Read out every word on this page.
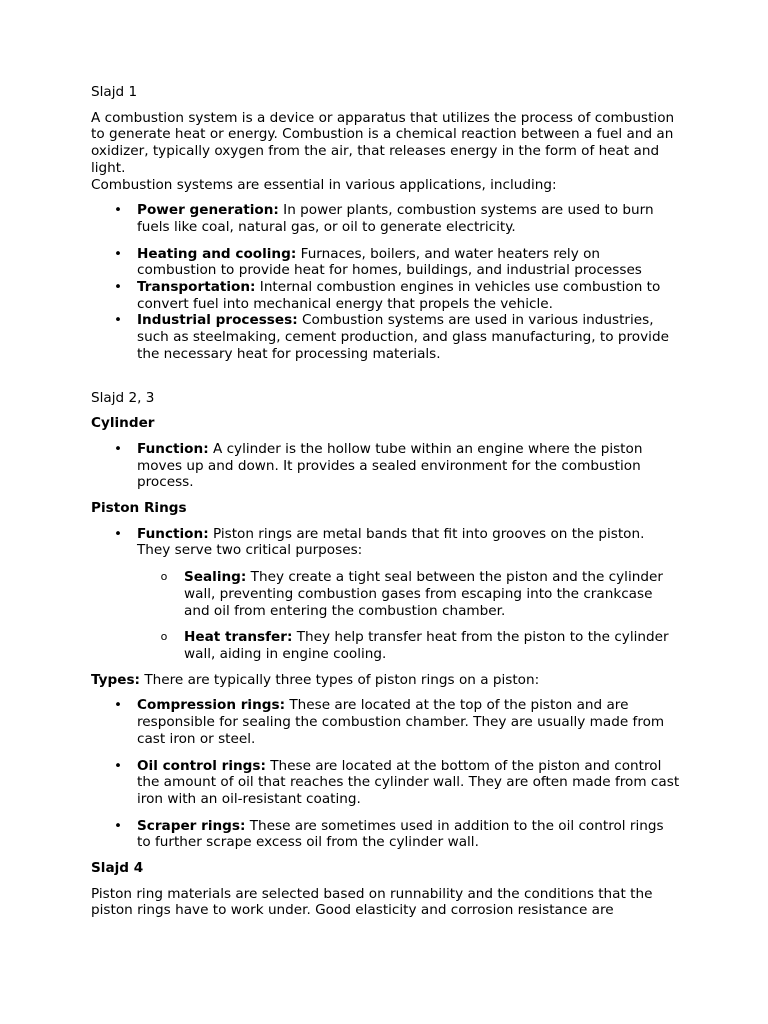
Slajd 1

A combustion system is a device or apparatus that utilizes the process of combustion to generate heat or energy. Combustion is a chemical reaction between a fuel and an oxidizer, typically oxygen from the air, that releases energy in the form of heat and light.

Combustion systems are essential in various applications, including:

• Power generation: In power plants, combustion systems are used to burn fuels like coal, natural gas, or oil to generate electricity.
• Heating and cooling: Furnaces, boilers, and water heaters rely on combustion to provide heat for homes, buildings, and industrial processes
• Transportation: Internal combustion engines in vehicles use combustion to convert fuel into mechanical energy that propels the vehicle.
• Industrial processes: Combustion systems are used in various industries, such as steelmaking, cement production, and glass manufacturing, to provide the necessary heat for processing materials.

Slajd 2, 3

Cylinder

• Function: A cylinder is the hollow tube within an engine where the piston moves up and down. It provides a sealed environment for the combustion process.

Piston Rings

• Function: Piston rings are metal bands that fit into grooves on the piston. They serve two critical purposes:
o Sealing: They create a tight seal between the piston and the cylinder wall, preventing combustion gases from escaping into the crankcase and oil from entering the combustion chamber.
o Heat transfer: They help transfer heat from the piston to the cylinder wall, aiding in engine cooling.

Types: There are typically three types of piston rings on a piston:

• Compression rings: These are located at the top of the piston and are responsible for sealing the combustion chamber. They are usually made from cast iron or steel.
• Oil control rings: These are located at the bottom of the piston and control the amount of oil that reaches the cylinder wall. They are often made from cast iron with an oil-resistant coating.
• Scraper rings: These are sometimes used in addition to the oil control rings to further scrape excess oil from the cylinder wall.

Slajd 4

Piston ring materials are selected based on runnability and the conditions that the piston rings have to work under. Good elasticity and corrosion resistance are
